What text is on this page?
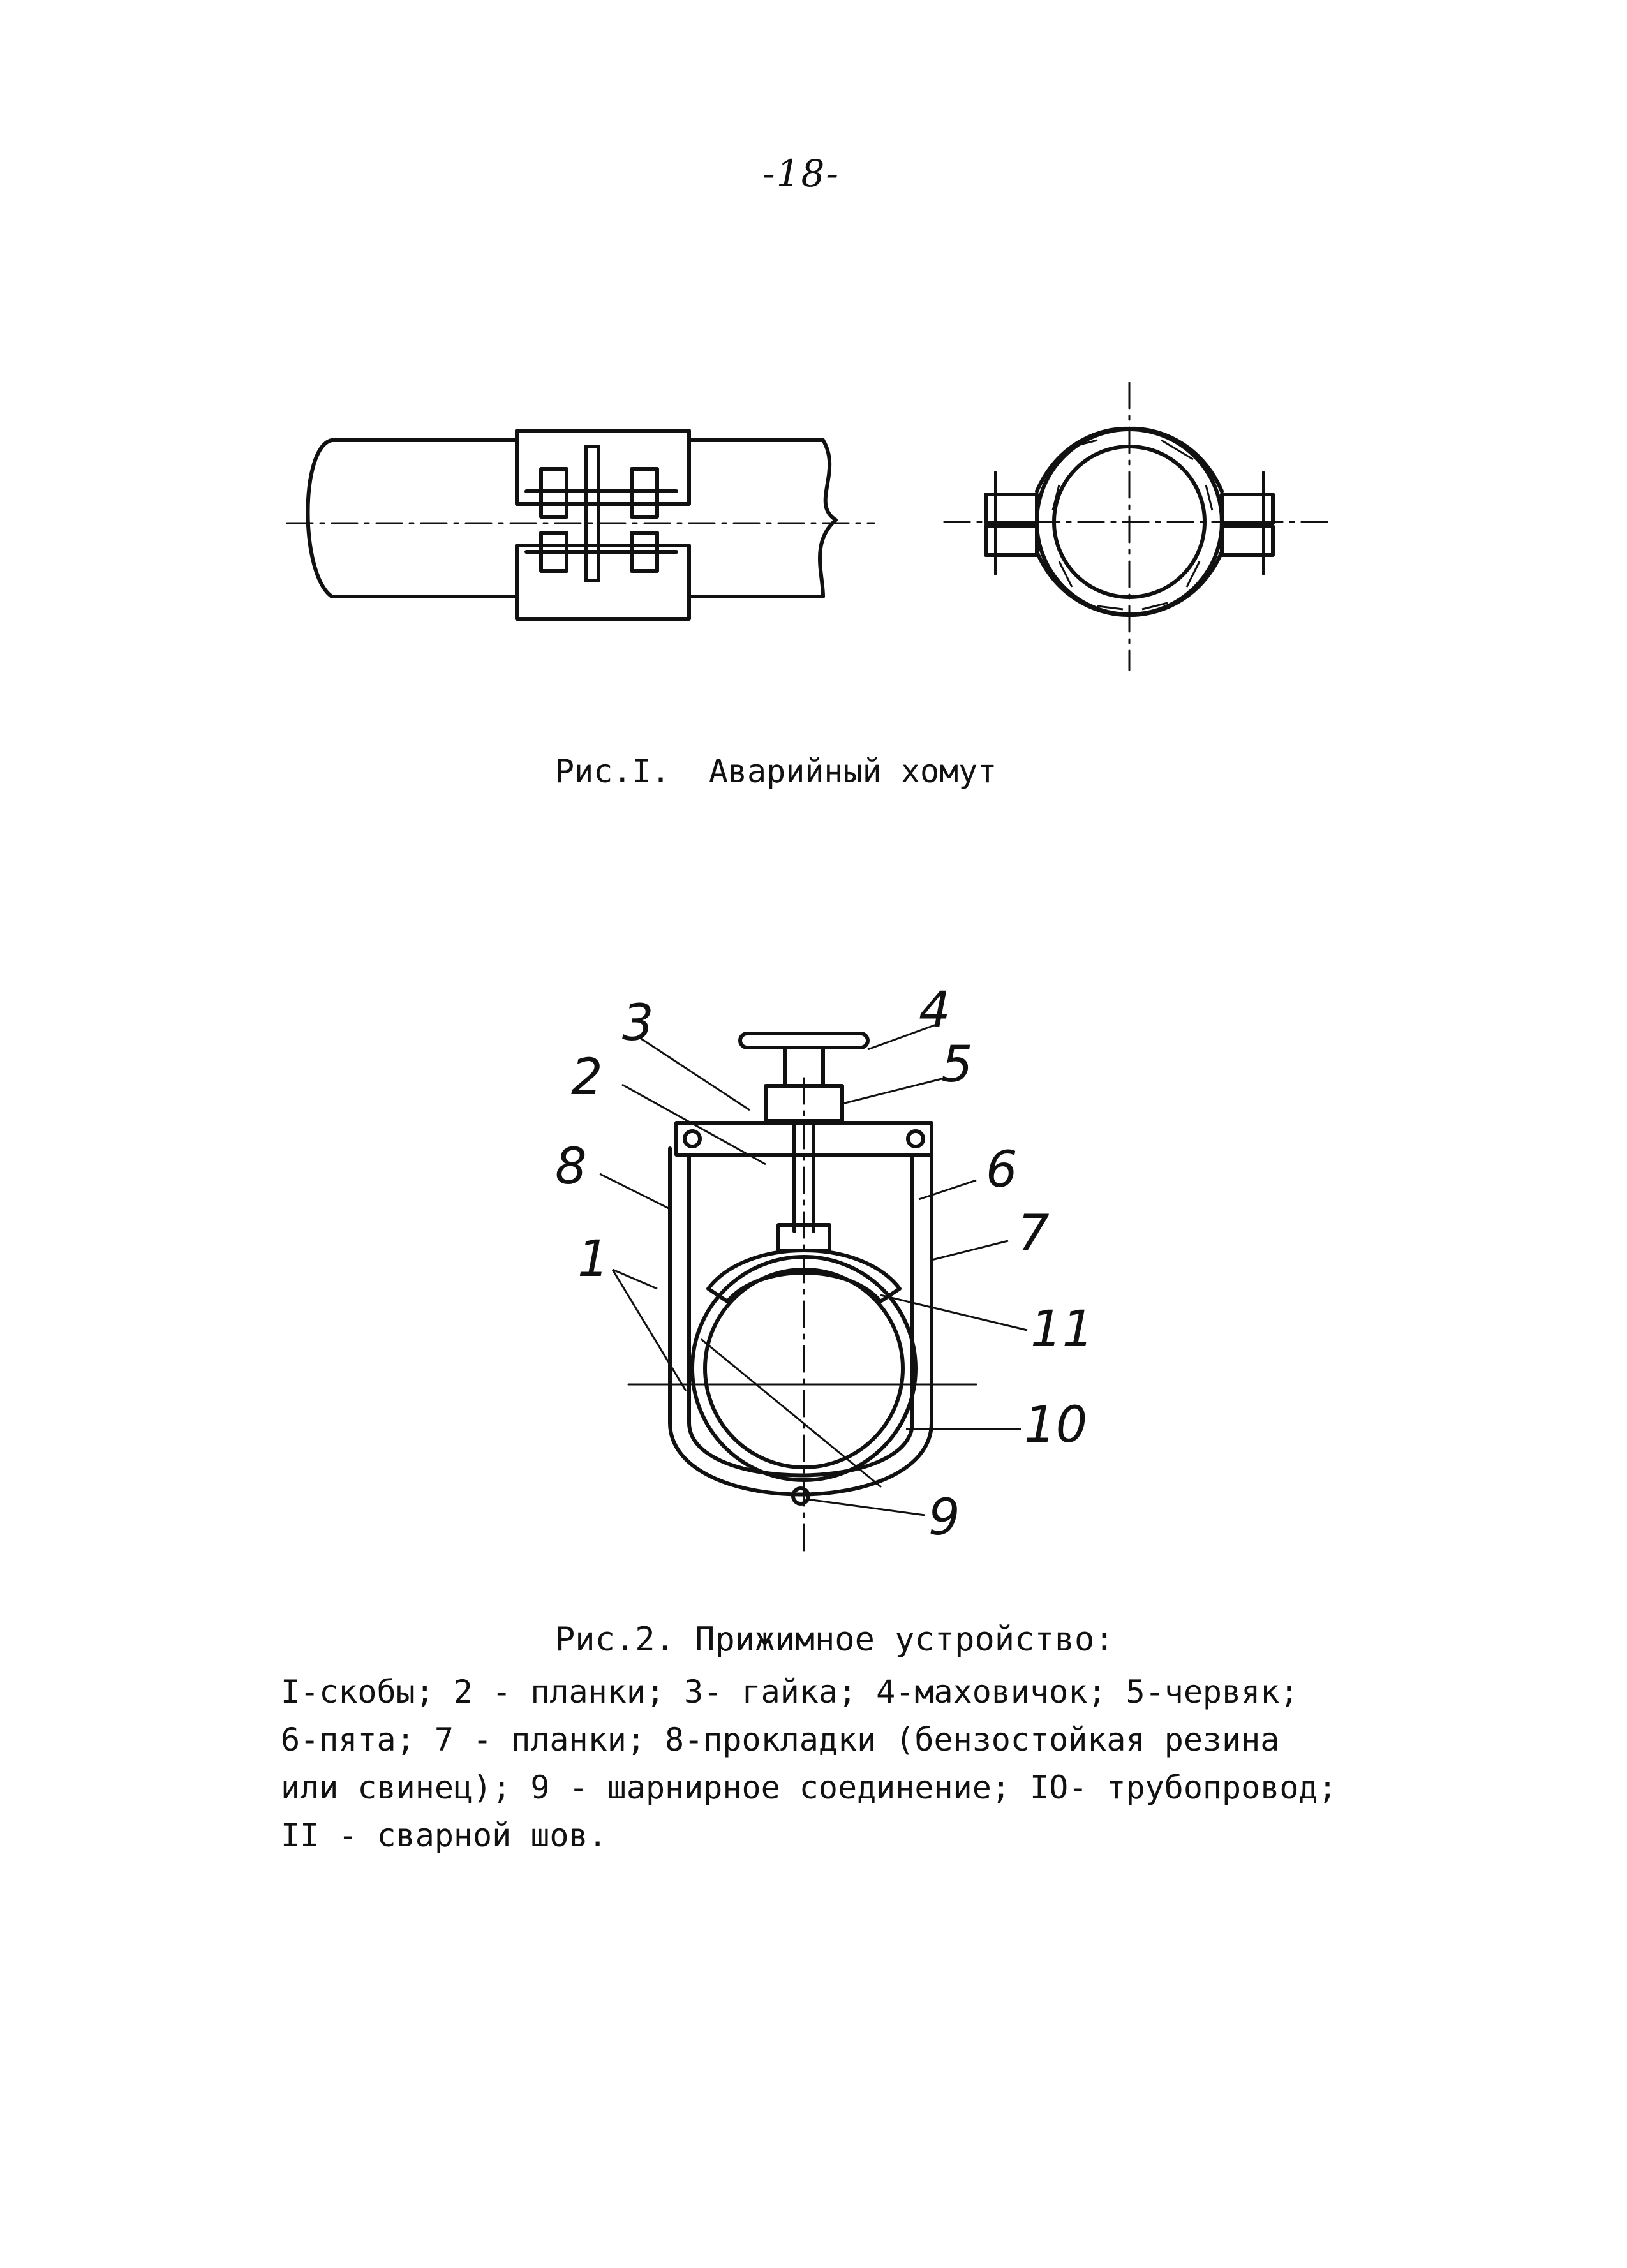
-18-
Рис.I.  Аварийный хомут
3	4
2	5
8	6
7
1
11
10
9
Рис.2. Прижимное устройство:
I-скобы; 2 - планки; 3- гайка; 4-маховичок; 5-червяк;
6-пята; 7 - планки; 8-прокладки (бензостойкая резина
или свинец); 9 - шарнирное соединение; IO- трубопровод;
II - сварной шов.
